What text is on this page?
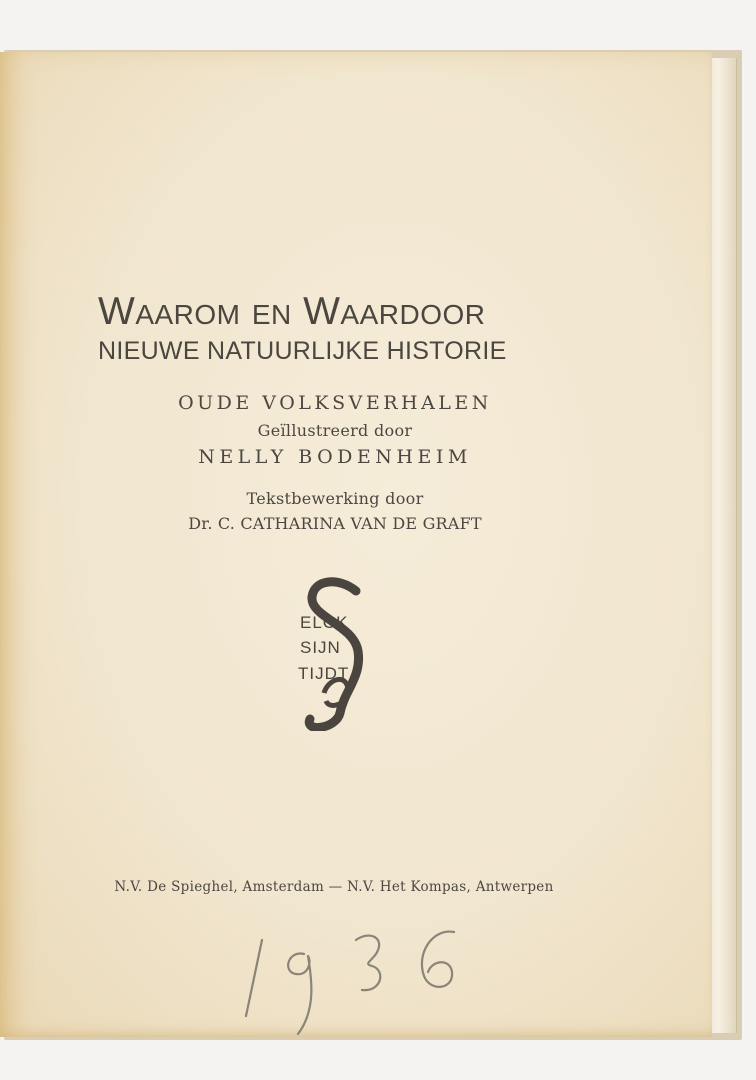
WAAROM EN WAARDOOR
NIEUWE NATUURLIJKE HISTORIE

OUDE VOLKSVERHALEN

Geïllustreerd door

NELLY BODENHEIM

Tekstbewerking door

Dr. C. CATHARINA VAN DE GRAFT

ELCK
SIJN
TIJDT

N.V. De Spieghel, Amsterdam — N.V. Het Kompas, Antwerpen
